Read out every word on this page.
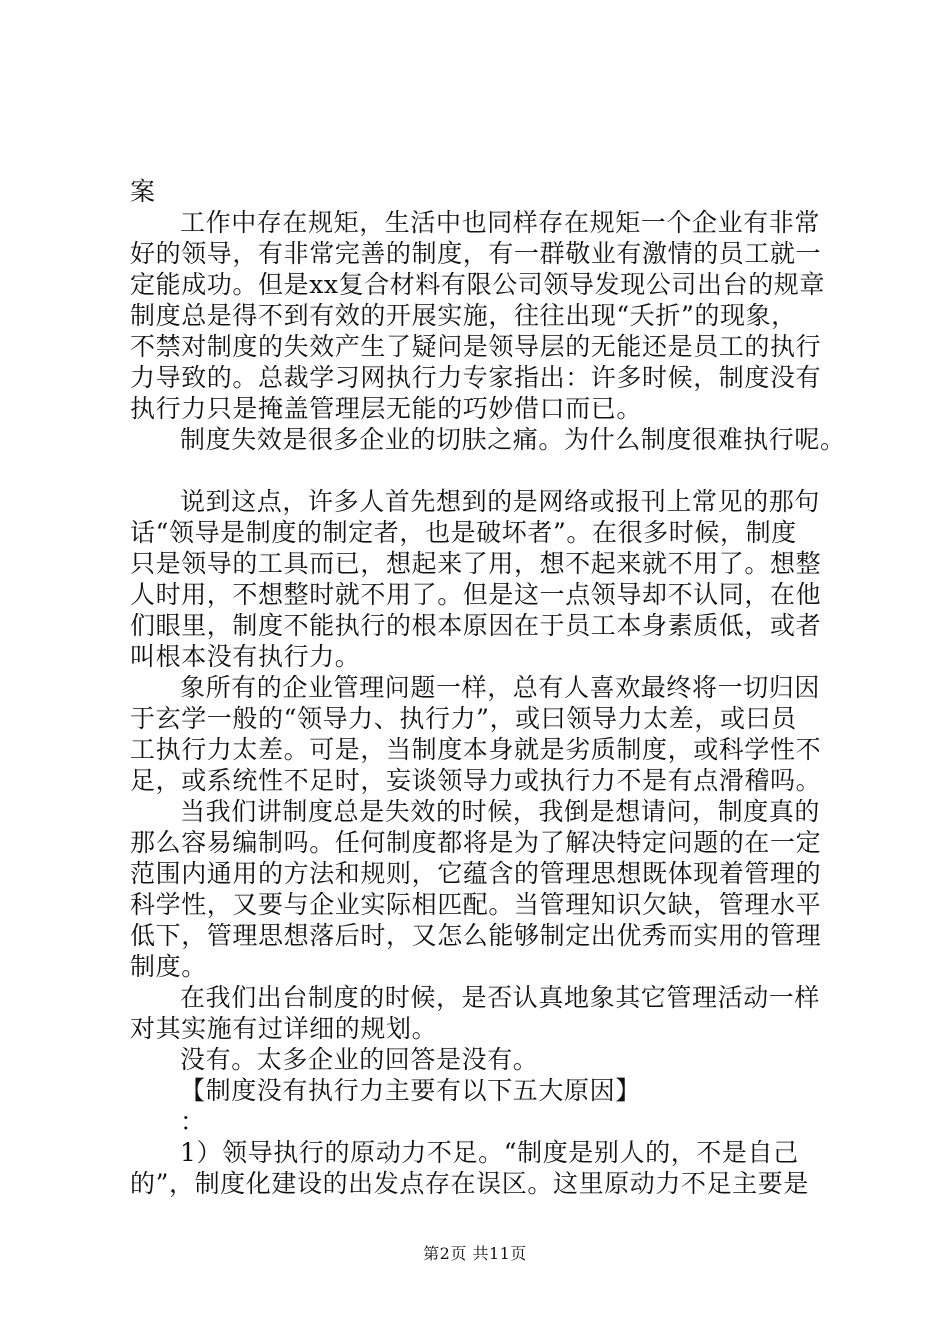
案
工作中存在规矩，生活中也同样存在规矩一个企业有非常
好的领导，有非常完善的制度，有一群敬业有激情的员工就一
定能成功。但是xx复合材料有限公司领导发现公司出台的规章
制度总是得不到有效的开展实施，往往出现“夭折”的现象，
不禁对制度的失效产生了疑问是领导层的无能还是员工的执行
力导致的。总裁学习网执行力专家指出：许多时候，制度没有
执行力只是掩盖管理层无能的巧妙借口而已。
制度失效是很多企业的切肤之痛。为什么制度很难执行呢。
说到这点，许多人首先想到的是网络或报刊上常见的那句
话“领导是制度的制定者，也是破坏者”。在很多时候，制度
只是领导的工具而已，想起来了用，想不起来就不用了。想整
人时用，不想整时就不用了。但是这一点领导却不认同，在他
们眼里，制度不能执行的根本原因在于员工本身素质低，或者
叫根本没有执行力。
象所有的企业管理问题一样，总有人喜欢最终将一切归因
于玄学一般的“领导力、执行力”，或曰领导力太差，或曰员
工执行力太差。可是，当制度本身就是劣质制度，或科学性不
足，或系统性不足时，妄谈领导力或执行力不是有点滑稽吗。
当我们讲制度总是失效的时候，我倒是想请问，制度真的
那么容易编制吗。任何制度都将是为了解决特定问题的在一定
范围内通用的方法和规则，它蕴含的管理思想既体现着管理的
科学性，又要与企业实际相匹配。当管理知识欠缺，管理水平
低下，管理思想落后时，又怎么能够制定出优秀而实用的管理
制度。
在我们出台制度的时候，是否认真地象其它管理活动一样
对其实施有过详细的规划。
没有。太多企业的回答是没有。
【制度没有执行力主要有以下五大原因】
：
1）领导执行的原动力不足。“制度是别人的，不是自己
的”，制度化建设的出发点存在误区。这里原动力不足主要是
第2页 共11页
